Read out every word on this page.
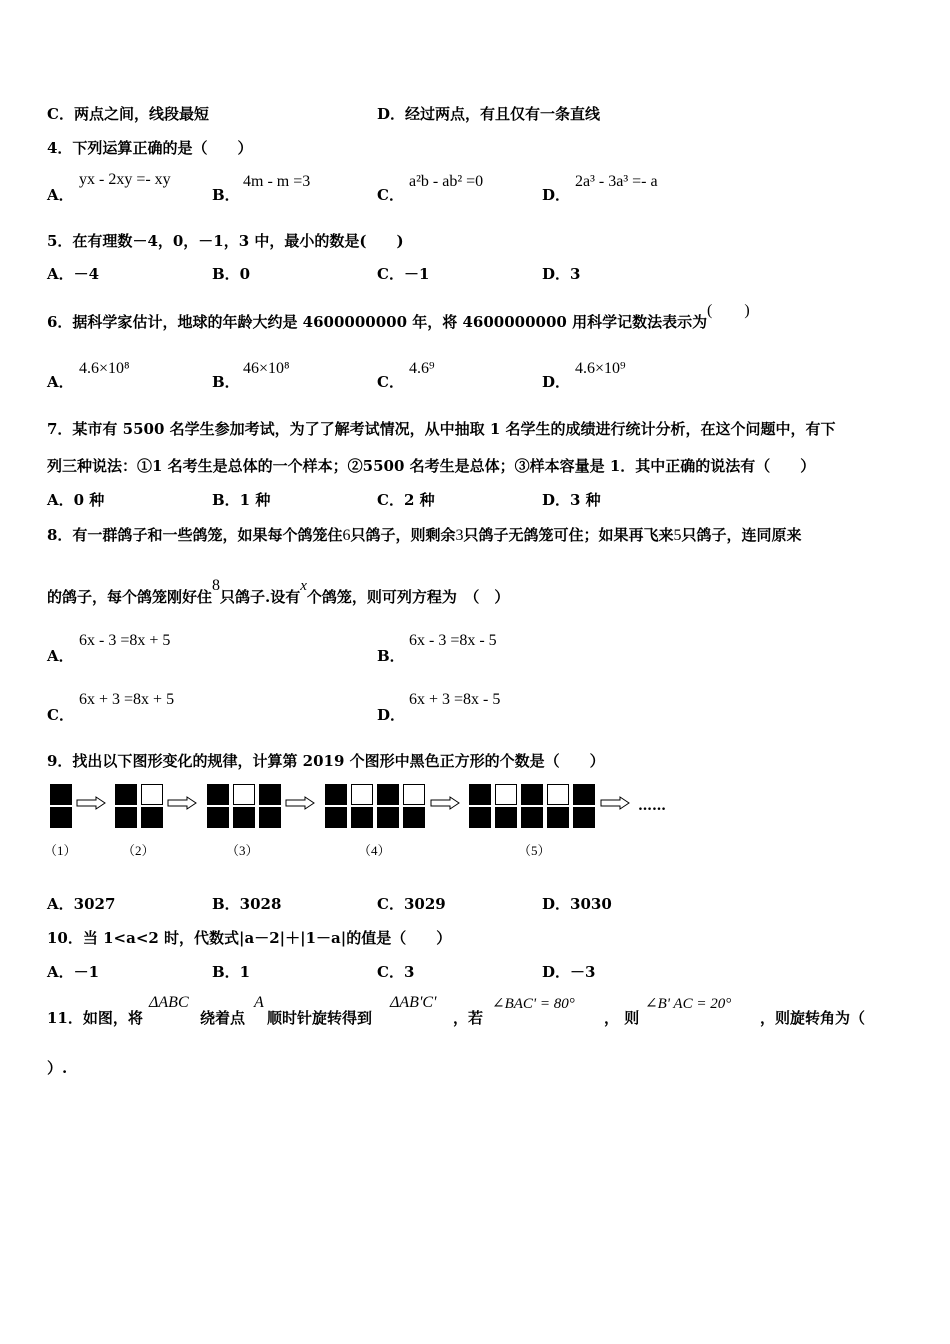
C．两点之间，线段最短	D．经过两点，有且仅有一条直线
4．下列运算正确的是（　　）
A．
yx - 2xy =- xy
B．
4m - m =3
C．
a²b - ab² =0
D．
2a³ - 3a³ =- a
5．在有理数－4，0，－1，3 中，最小的数是(　　)
A．－4	B．0	C．－1	D．3
6．据科学家估计，地球的年龄大约是 4600000000 年，将 4600000000 用科学记数法表示为
(　　)
A．
4.6×10⁸
B．
46×10⁸
C．
4.6⁹
D．
4.6×10⁹
7．某市有 5500 名学生参加考试，为了了解考试情况，从中抽取 1 名学生的成绩进行统计分析，在这个问题中，有下
列三种说法：①1 名考生是总体的一个样本；②5500 名考生是总体；③样本容量是 1．其中正确的说法有（　　）
A．0 种	B．1 种	C．2 种	D．3 种
8．有一群鸽子和一些鸽笼，如果每个鸽笼住6只鸽子，则剩余3只鸽子无鸽笼可住；如果再飞来5只鸽子，连同原来
的鸽子，每个鸽笼刚好住8只鸽子.设有x个鸽笼，则可列方程为　（　）
A．
6x - 3 =8x + 5
B．
6x - 3 =8x - 5
C．
6x + 3 =8x + 5
D．
6x + 3 =8x - 5
9．找出以下图形变化的规律，计算第 2019 个图形中黑色正方形的个数是（　　）
……
（1）	（2）	（3）	（4）	（5）
A．3027	B．3028	C．3029	D．3030
10．当 1<a<2 时，代数式|a－2|＋|1－a|的值是（　　）
A．－1	B．1	C．3	D．－3
11．如图，将
ΔABC
绕着点
A
顺时针旋转得到
ΔAB'C'
，若
∠BAC' = 80°
， 则
∠B' AC = 20°
，则旋转角为（
）.
